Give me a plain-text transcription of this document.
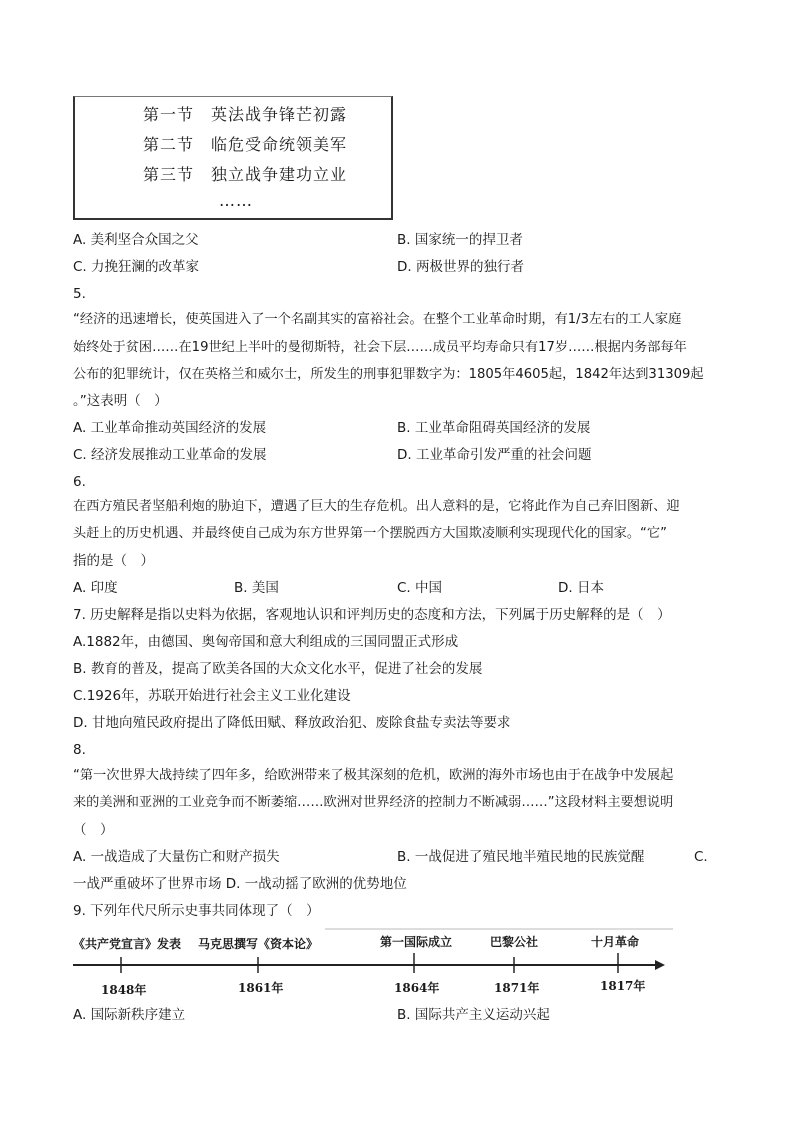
第一节　英法战争锋芒初露
第二节　临危受命统领美军
第三节　独立战争建功立业
……
A. 美利坚合众国之父	B. 国家统一的捍卫者
C. 力挽狂澜的改革家	D. 两极世界的独行者
5.
“经济的迅速增长，使英国进入了一个名副其实的富裕社会。在整个工业革命时期，有1/3左右的工人家庭
始终处于贫困……在19世纪上半叶的曼彻斯特，社会下层……成员平均寿命只有17岁……根据内务部每年
公布的犯罪统计，仅在英格兰和威尔士，所发生的刑事犯罪数字为：1805年4605起，1842年达到31309起
。”这表明（　）
A. 工业革命推动英国经济的发展	B. 工业革命阻碍英国经济的发展
C. 经济发展推动工业革命的发展	D. 工业革命引发严重的社会问题
6.
在西方殖民者坚船利炮的胁迫下，遭遇了巨大的生存危机。出人意料的是，它将此作为自己弃旧图新、迎
头赶上的历史机遇、并最终使自己成为东方世界第一个摆脱西方大国欺凌顺利实现现代化的国家。“它”
指的是（　）
A. 印度	B. 美国	C. 中国	D. 日本
7. 历史解释是指以史料为依据，客观地认识和评判历史的态度和方法，下列属于历史解释的是（　）
A.1882年，由德国、奥匈帝国和意大利组成的三国同盟正式形成
B. 教育的普及，提高了欧美各国的大众文化水平，促进了社会的发展
C.1926年，苏联开始进行社会主义工业化建设
D. 甘地向殖民政府提出了降低田赋、释放政治犯、废除食盐专卖法等要求
8.
“第一次世界大战持续了四年多，给欧洲带来了极其深刻的危机，欧洲的海外市场也由于在战争中发展起
来的美洲和亚洲的工业竞争而不断萎缩……欧洲对世界经济的控制力不断减弱……”这段材料主要想说明
（　）
A. 一战造成了大量伤亡和财产损失	B. 一战促进了殖民地半殖民地的民族觉醒	C.
一战严重破坏了世界市场 D. 一战动摇了欧洲的优势地位
9. 下列年代尺所示史事共同体现了（　）
《共产党宣言》发表 马克思撰写《资本论》	第一国际成立	巴黎公社	十月革命
1848年	1861年	1864年	1871年	1817年
A. 国际新秩序建立	B. 国际共产主义运动兴起
